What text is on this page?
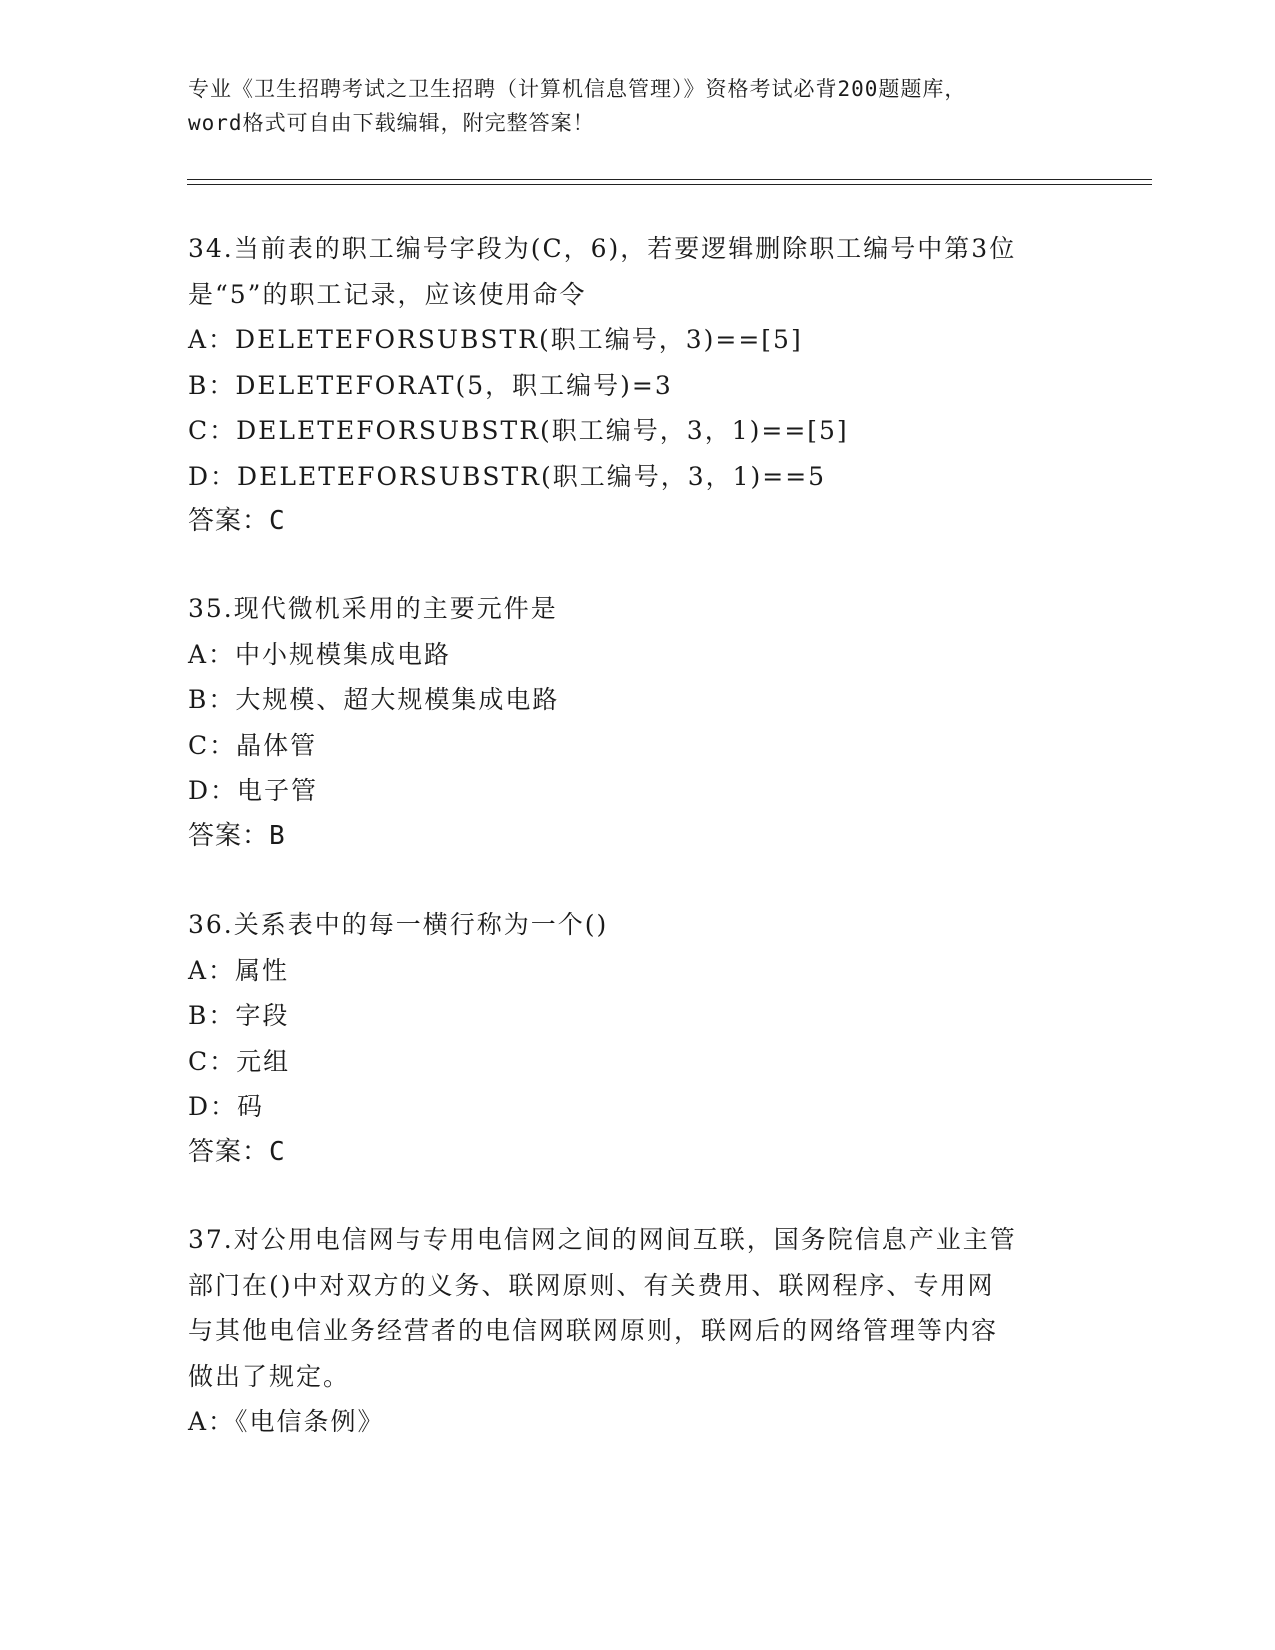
专业《卫生招聘考试之卫生招聘（计算机信息管理）》资格考试必背200题题库，
word格式可自由下载编辑，附完整答案！

34.当前表的职工编号字段为(C，6)，若要逻辑删除职工编号中第3位

是“5”的职工记录，应该使用命令

A：DELETEFORSUBSTR(职工编号，3)==[5]

B：DELETEFORAT(5，职工编号)=3

C：DELETEFORSUBSTR(职工编号，3，1)==[5]

D：DELETEFORSUBSTR(职工编号，3，1)==5

答案：C

35.现代微机采用的主要元件是

A：中小规模集成电路

B：大规模、超大规模集成电路

C：晶体管

D：电子管

答案：B

36.关系表中的每一横行称为一个()

A：属性

B：字段

C：元组

D：码

答案：C

37.对公用电信网与专用电信网之间的网间互联，国务院信息产业主管

部门在()中对双方的义务、联网原则、有关费用、联网程序、专用网

与其他电信业务经营者的电信网联网原则，联网后的网络管理等内容

做出了规定。

A：《电信条例》
